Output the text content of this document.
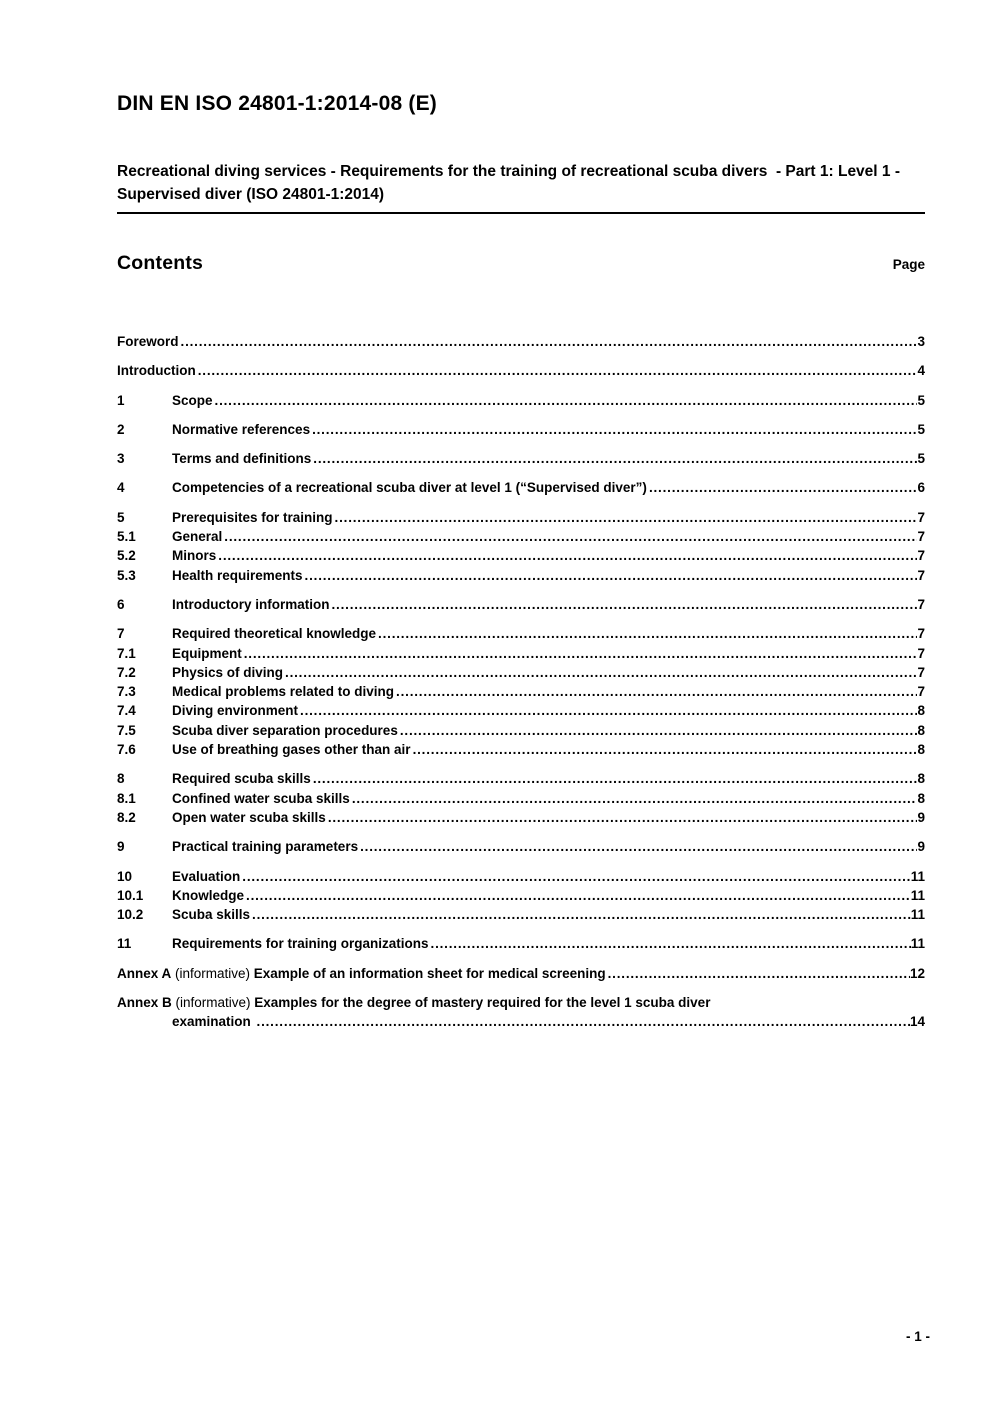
DIN EN ISO 24801-1:2014-08 (E)
Recreational diving services - Requirements for the training of recreational scuba divers  - Part 1: Level 1 - Supervised diver (ISO 24801-1:2014)
Contents	Page
Foreword .....	3
Introduction .....	4
1	Scope .....	5
2	Normative references .....	5
3	Terms and definitions .....	5
4	Competencies of a recreational scuba diver at level 1 (“Supervised diver”) .....	6
5	Prerequisites for training .....	7
5.1	General .....	7
5.2	Minors .....	7
5.3	Health requirements .....	7
6	Introductory information .....	7
7	Required theoretical knowledge .....	7
7.1	Equipment .....	7
7.2	Physics of diving .....	7
7.3	Medical problems related to diving .....	7
7.4	Diving environment .....	8
7.5	Scuba diver separation procedures .....	8
7.6	Use of breathing gases other than air .....	8
8	Required scuba skills .....	8
8.1	Confined water scuba skills .....	8
8.2	Open water scuba skills .....	9
9	Practical training parameters .....	9
10	Evaluation .....	11
10.1	Knowledge .....	11
10.2	Scuba skills .....	11
11	Requirements for training organizations .....	11
Annex A (informative) Example of an information sheet for medical screening .....	12
Annex B (informative) Examples for the degree of mastery required for the level 1 scuba diver
examination .....	14
- 1 -
